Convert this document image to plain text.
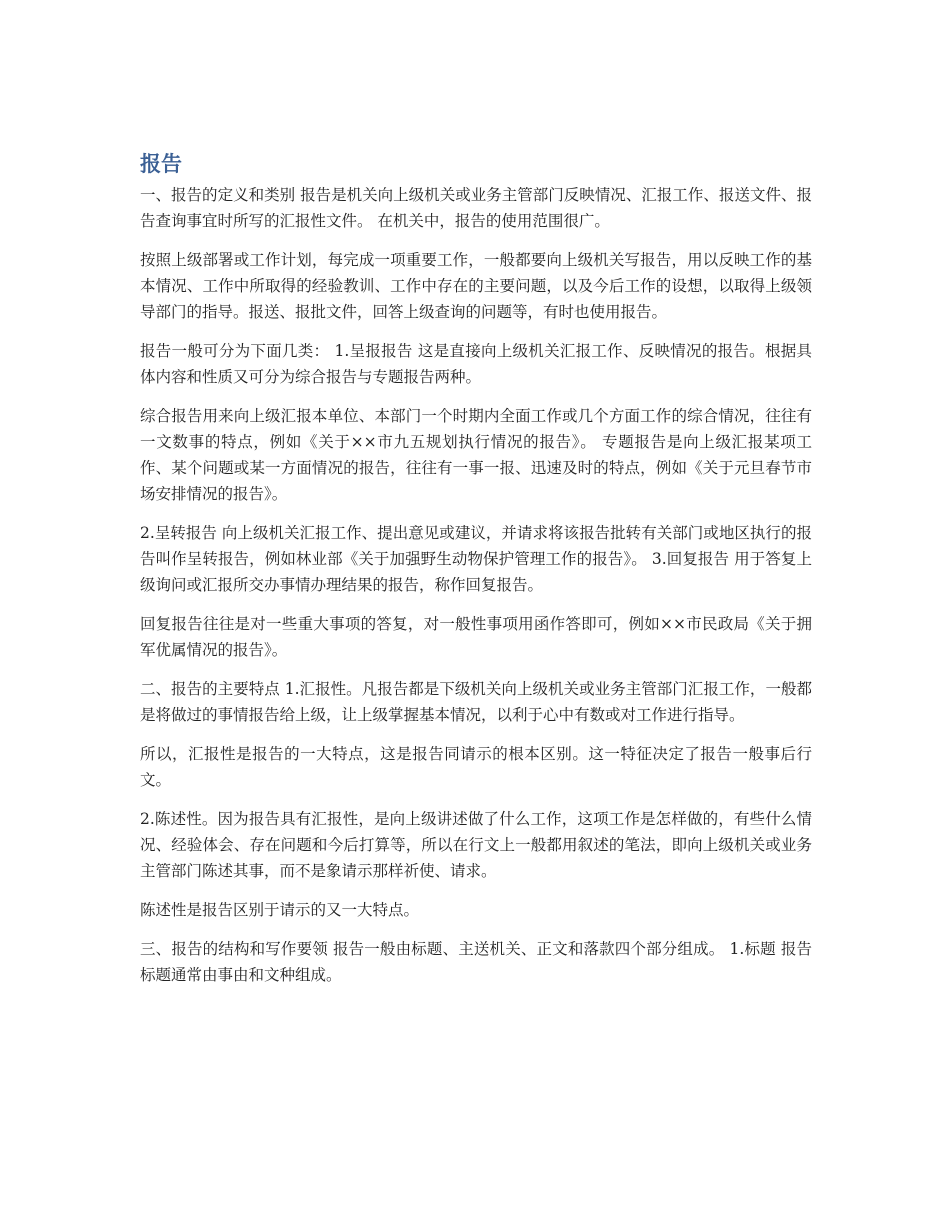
报告

一、报告的定义和类别 报告是机关向上级机关或业务主管部门反映情况、汇报工作、报送文件、报告查询事宜时所写的汇报性文件。 在机关中，报告的使用范围很广。

按照上级部署或工作计划，每完成一项重要工作，一般都要向上级机关写报告，用以反映工作的基本情况、工作中所取得的经验教训、工作中存在的主要问题，以及今后工作的设想，以取得上级领导部门的指导。报送、报批文件，回答上级查询的问题等，有时也使用报告。

报告一般可分为下面几类： 1.呈报报告 这是直接向上级机关汇报工作、反映情况的报告。根据具体内容和性质又可分为综合报告与专题报告两种。

综合报告用来向上级汇报本单位、本部门一个时期内全面工作或几个方面工作的综合情况，往往有一文数事的特点，例如《关于××市九五规划执行情况的报告》。 专题报告是向上级汇报某项工作、某个问题或某一方面情况的报告，往往有一事一报、迅速及时的特点，例如《关于元旦春节市场安排情况的报告》。

2.呈转报告 向上级机关汇报工作、提出意见或建议，并请求将该报告批转有关部门或地区执行的报告叫作呈转报告，例如林业部《关于加强野生动物保护管理工作的报告》。 3.回复报告 用于答复上级询问或汇报所交办事情办理结果的报告，称作回复报告。

回复报告往往是对一些重大事项的答复，对一般性事项用函作答即可，例如××市民政局《关于拥军优属情况的报告》。

二、报告的主要特点 1.汇报性。凡报告都是下级机关向上级机关或业务主管部门汇报工作，一般都是将做过的事情报告给上级，让上级掌握基本情况，以利于心中有数或对工作进行指导。

所以，汇报性是报告的一大特点，这是报告同请示的根本区别。这一特征决定了报告一般事后行文。

2.陈述性。因为报告具有汇报性，是向上级讲述做了什么工作，这项工作是怎样做的，有些什么情况、经验体会、存在问题和今后打算等，所以在行文上一般都用叙述的笔法，即向上级机关或业务主管部门陈述其事，而不是象请示那样祈使、请求。

陈述性是报告区别于请示的又一大特点。

三、报告的结构和写作要领 报告一般由标题、主送机关、正文和落款四个部分组成。 1.标题 报告标题通常由事由和文种组成。
